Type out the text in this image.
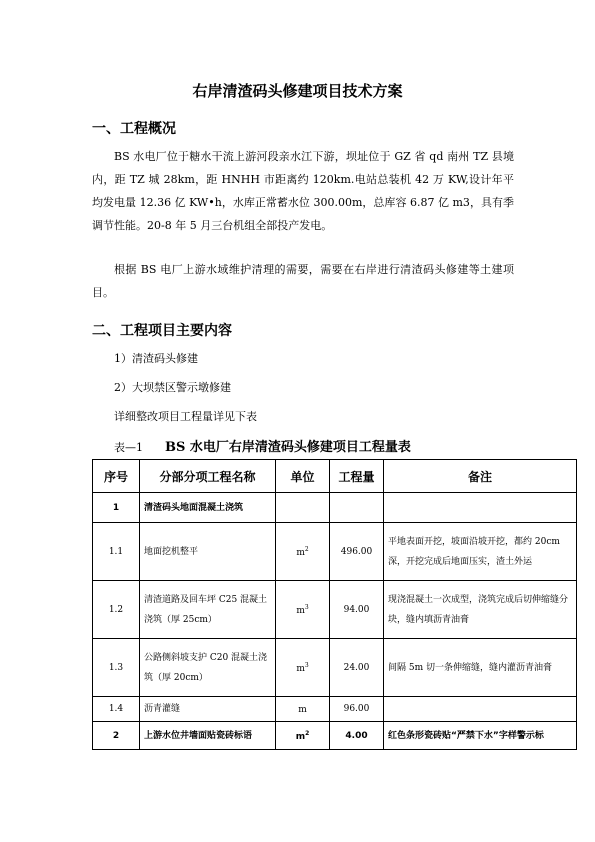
右岸清渣码头修建项目技术方案
一、工程概况
BS 水电厂位于糖水干流上游河段亲水江下游，坝址位于 GZ 省 qd 南州 TZ 县境内，距 TZ 城 28km，距 HNHH 市距离约 120km.电站总装机 42 万 KW,设计年平均发电量 12.36 亿 KW•h，水库正常蓄水位 300.00m，总库容 6.87 亿 m3，具有季调节性能。20-8 年 5 月三台机组全部投产发电。
根据 BS 电厂上游水域维护清理的需要，需要在右岸进行清渣码头修建等土建项目。
二、工程项目主要内容
1）清渣码头修建
2）大坝禁区警示墩修建
详细整改项目工程量详见下表
表—1 BS 水电厂右岸清渣码头修建项目工程量表
序号	分部分项工程名称	单位	工程量	备注
1	清渣码头地面混凝土浇筑			
1.1	地面挖机整平	$m^2$	496.00	平地表面开挖，坡面沿坡开挖，都约 20cm 深，开挖完成后地面压实，渣土外运
1.2	清渣道路及回车坪 C25 混凝土浇筑（厚 25cm）	$m^3$	94.00	现浇混凝土一次成型，浇筑完成后切伸缩缝分块，缝内填沥青油膏
1.3	公路侧斜坡支护 C20 混凝土浇筑（厚 20cm）	$m^3$	24.00	间隔 5m 切一条伸缩缝，缝内灌沥青油膏
1.4	沥青灌缝	m	96.00	
2	上游水位井墙面贴瓷砖标语	$m^2$	4.00	红色条形瓷砖贴“严禁下水”字样警示标
